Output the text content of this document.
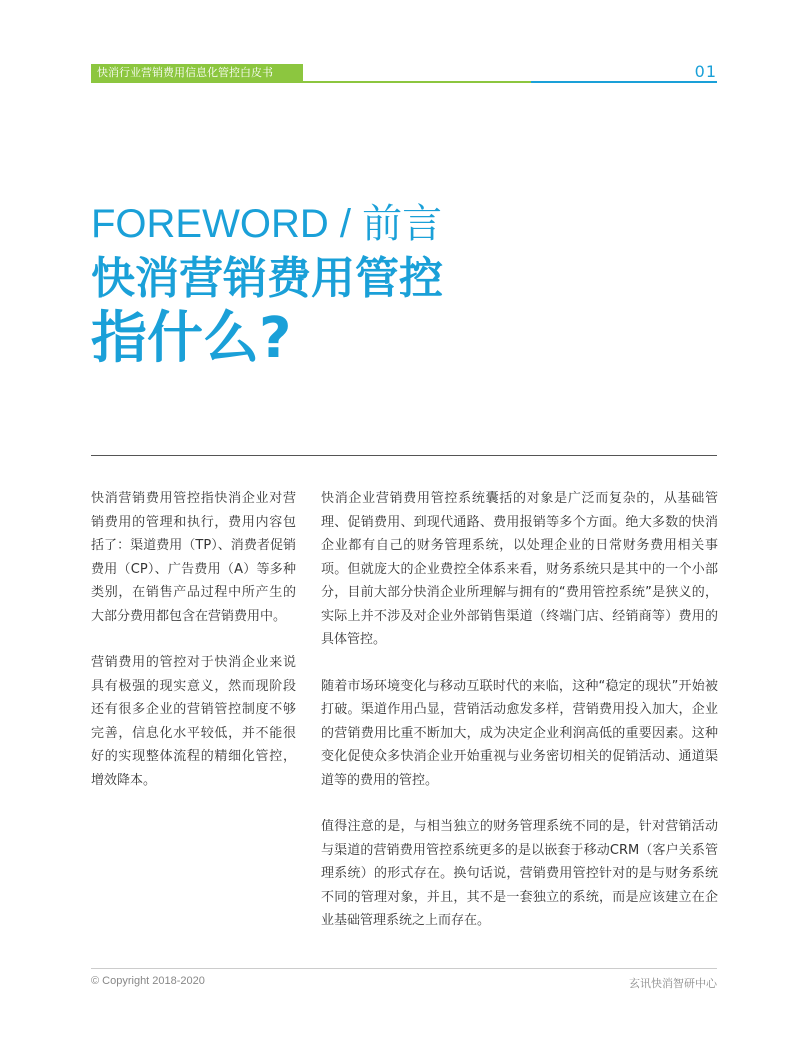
快消行业营销费用信息化管控白皮书	01
FOREWORD / 前言
快消营销费用管控
指什么?

快消营销费用管控指快消企业对营销费用的管理和执行，费用内容包括了：渠道费用（TP）、消费者促销费用（CP）、广告费用（A）等多种类别，在销售产品过程中所产生的大部分费用都包含在营销费用中。

营销费用的管控对于快消企业来说具有极强的现实意义，然而现阶段还有很多企业的营销管控制度不够完善，信息化水平较低，并不能很好的实现整体流程的精细化管控，增效降本。

快消企业营销费用管控系统囊括的对象是广泛而复杂的，从基础管理、促销费用、到现代通路、费用报销等多个方面。绝大多数的快消企业都有自己的财务管理系统，以处理企业的日常财务费用相关事项。但就庞大的企业费控全体系来看，财务系统只是其中的一个小部分，目前大部分快消企业所理解与拥有的“费用管控系统”是狭义的，实际上并不涉及对企业外部销售渠道（终端门店、经销商等）费用的具体管控。

随着市场环境变化与移动互联时代的来临，这种“稳定的现状”开始被打破。渠道作用凸显，营销活动愈发多样，营销费用投入加大，企业的营销费用比重不断加大，成为决定企业利润高低的重要因素。这种变化促使众多快消企业开始重视与业务密切相关的促销活动、通道渠道等的费用的管控。

值得注意的是，与相当独立的财务管理系统不同的是，针对营销活动与渠道的营销费用管控系统更多的是以嵌套于移动CRM（客户关系管理系统）的形式存在。换句话说，营销费用管控针对的是与财务系统不同的管理对象，并且，其不是一套独立的系统，而是应该建立在企业基础管理系统之上而存在。

© Copyright 2018-2020	玄讯快消智研中心
